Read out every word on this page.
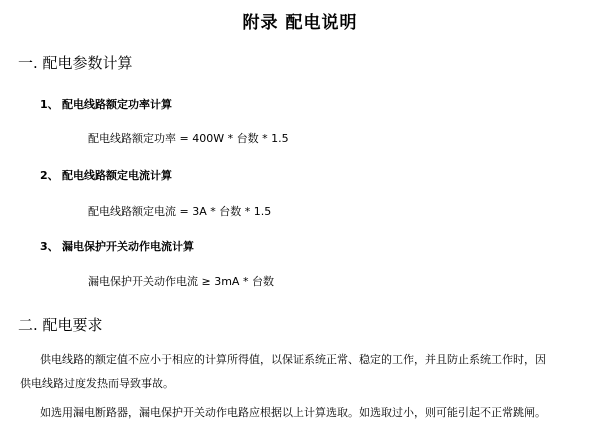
附录 配电说明
一. 配电参数计算
1、 配电线路额定功率计算
配电线路额定功率 = 400W * 台数 * 1.5
2、 配电线路额定电流计算
配电线路额定电流 = 3A * 台数 * 1.5
3、 漏电保护开关动作电流计算
漏电保护开关动作电流 ≥ 3mA * 台数
二. 配电要求
供电线路的额定值不应小于相应的计算所得值，以保证系统正常、稳定的工作，并且防止系统工作时，因
供电线路过度发热而导致事故。
如选用漏电断路器，漏电保护开关动作电路应根据以上计算选取。如选取过小，则可能引起不正常跳闸。
